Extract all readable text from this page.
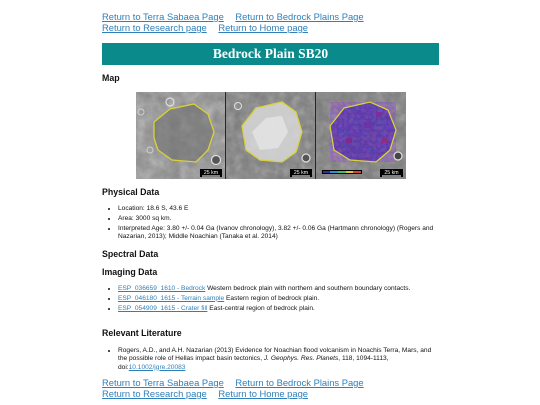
Return to Terra Sabaea Page Return to Bedrock Plains Page
Return to Research page Return to Home page
Bedrock Plain SB20
Map
25 km	25 km	25 km
Physical Data
• Location: 18.6 S, 43.6 E
• Area: 3000 sq km.
• Interpreted Age: 3.80 +/- 0.04 Ga (Ivanov chronology), 3.82 +/- 0.06 Ga (Hartmann chronology) (Rogers and Nazarian, 2013); Middle Noachian (Tanaka et al. 2014)
Spectral Data
Imaging Data
• ESP_036659_1610 - Bedrock Western bedrock plain with northern and southern boundary contacts.
• ESP_046180_1615 - Terrain sample Eastern region of bedrock plain.
• ESP_054909_1615 - Crater fill East-central region of bedrock plain.
Relevant Literature
• Rogers, A.D., and A.H. Nazarian (2013) Evidence for Noachian flood volcanism in Noachis Terra, Mars, and the possible role of Hellas impact basin tectonics, J. Geophys. Res. Planets, 118, 1094-1113, doi:10.1002/jgre.20083
Return to Terra Sabaea Page Return to Bedrock Plains Page
Return to Research page Return to Home page
